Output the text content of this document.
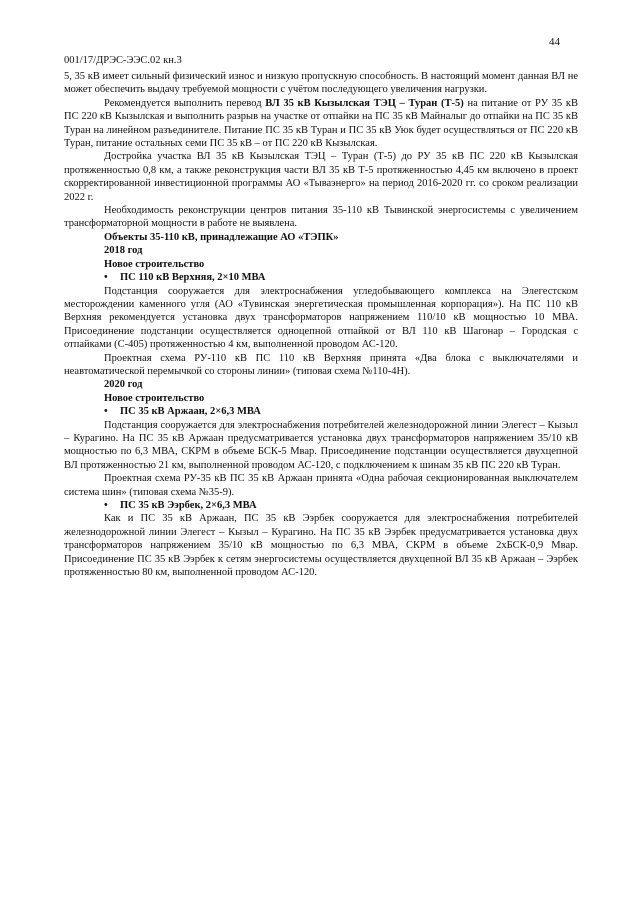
44
001/17/ДРЭС-ЭЭС.02 кн.3

5, 35 кВ имеет сильный физический износ и низкую пропускную способность. В настоящий момент данная ВЛ не может обеспечить выдачу требуемой мощности с учётом последующего увеличения нагрузки.

Рекомендуется выполнить перевод ВЛ 35 кВ Кызылская ТЭЦ – Туран (Т-5) на питание от РУ 35 кВ ПС 220 кВ Кызылская и выполнить разрыв на участке от отпайки на ПС 35 кВ Майналыг до отпайки на ПС 35 кВ Туран на линейном разъединителе. Питание ПС 35 кВ Туран и ПС 35 кВ Уюк будет осуществляться от ПС 220 кВ Туран, питание остальных семи ПС 35 кВ – от ПС 220 кВ Кызылская.

Достройка участка ВЛ 35 кВ Кызылская ТЭЦ – Туран (Т-5) до РУ 35 кВ ПС 220 кВ Кызылская протяженностью 0,8 км, а также реконструкция части ВЛ 35 кВ Т-5 протяженностью 4,45 км включено в проект скорректированной инвестиционной программы АО «Тываэнерго» на период 2016-2020 гг. со сроком реализации 2022 г.

Необходимость реконструкции центров питания 35-110 кВ Тывинской энергосистемы с увеличением трансформаторной мощности в работе не выявлена.

Объекты 35-110 кВ, принадлежащие АО «ТЭПК»

2018 год

Новое строительство

• ПС 110 кВ Верхняя, 2×10 МВА

Подстанция сооружается для электроснабжения угледобывающего комплекса на Элегестском месторождении каменного угля (АО «Тувинская энергетическая промышленная корпорация»). На ПС 110 кВ Верхняя рекомендуется установка двух трансформаторов напряжением 110/10 кВ мощностью 10 МВА. Присоединение подстанции осуществляется одноцепной отпайкой от ВЛ 110 кВ Шагонар – Городская с отпайками (С-405) протяженностью 4 км, выполненной проводом АС-120.

Проектная схема РУ-110 кВ ПС 110 кВ Верхняя принята «Два блока с выключателями и неавтоматической перемычкой со стороны линии» (типовая схема №110-4Н).

2020 год

Новое строительство

• ПС 35 кВ Аржаан, 2×6,3 МВА

Подстанция сооружается для электроснабжения потребителей железнодорожной линии Элегест – Кызыл – Курагино. На ПС 35 кВ Аржаан предусматривается установка двух трансформаторов напряжением 35/10 кВ мощностью по 6,3 МВА, СКРМ в объеме БСК-5 Мвар. Присоединение подстанции осуществляется двухцепной ВЛ протяженностью 21 км, выполненной проводом АС-120, с подключением к шинам 35 кВ ПС 220 кВ Туран.

Проектная схема РУ-35 кВ ПС 35 кВ Аржаан принята «Одна рабочая секционированная выключателем система шин» (типовая схема №35-9).

• ПС 35 кВ Ээрбек, 2×6,3 МВА

Как и ПС 35 кВ Аржаан, ПС 35 кВ Ээрбек сооружается для электроснабжения потребителей железнодорожной линии Элегест – Кызыл – Курагино. На ПС 35 кВ Ээрбек предусматривается установка двух трансформаторов напряжением 35/10 кВ мощностью по 6,3 МВА, СКРМ в объеме 2хБСК-0,9 Мвар. Присоединение ПС 35 кВ Ээрбек к сетям энергосистемы осуществляется двухцепной ВЛ 35 кВ Аржаан – Ээрбек протяженностью 80 км, выполненной проводом АС-120.
